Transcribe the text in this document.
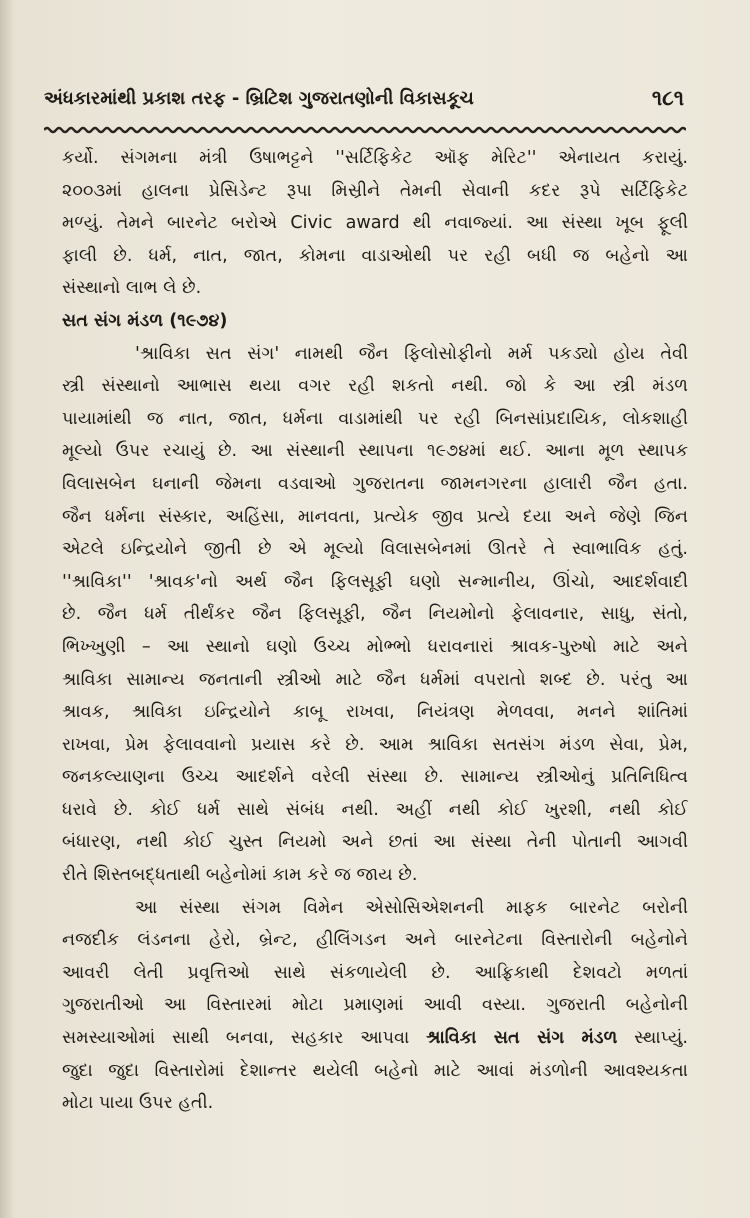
અંધકારમાંથી પ્રકાશ તરફ - બ્રિટિશ ગુજરાતણોની વિકાસકૂચ	૧૮૧
કર્યો. સંગમના મંત્રી ઉષાભટ્ટને ''સર્ટિફિકેટ ઑફ મેરિટ'' એનાયત કરાયું.
૨૦૦૩માં હાલના પ્રેસિડેન્ટ રૂપા મિસ્રીને તેમની સેવાની કદર રૂપે સર્ટિફિકેટ
મળ્યું. તેમને બારનેટ બરોએ Civic award થી નવાજ્યાં. આ સંસ્થા ખૂબ ફૂલી
ફાલી છે. ધર્મ, નાત, જાત, કોમના વાડાઓથી પર રહી બધી જ બહેનો આ
સંસ્થાનો લાભ લે છે.
સત સંગ મંડળ (૧૯૭૪)
'શ્રાવિકા સત સંગ' નામથી જૈન ફિલોસોફીનો મર્મ પકડ્યો હોય તેવી
સ્ત્રી સંસ્થાનો આભાસ થયા વગર રહી શકતો નથી. જો કે આ સ્ત્રી મંડળ
પાયામાંથી જ નાત, જાત, ધર્મના વાડામાંથી પર રહી બિનસાંપ્રદાયિક, લોકશાહી
મૂલ્યો ઉપર રચાયું છે. આ સંસ્થાની સ્થાપના ૧૯૭૪માં થઈ. આના મૂળ સ્થાપક
વિલાસબેન ઘનાની જેમના વડવાઓ ગુજરાતના જામનગરના હાલારી જૈન હતા.
જૈન ધર્મના સંસ્કાર, અહિંસા, માનવતા, પ્રત્યેક જીવ પ્રત્યે દયા અને જેણે જિન
એટલે ઇન્દ્રિયોને જીતી છે એ મૂલ્યો વિલાસબેનમાં ઊતરે તે સ્વાભાવિક હતું.
''શ્રાવિકા'' 'શ્રાવક'નો અર્થ જૈન ફિલસૂફી ઘણો સન્માનીય, ઊંચો, આદર્શવાદી
છે. જૈન ધર્મ તીર્થંકર જૈન ફિલસૂફી, જૈન નિયમોનો ફેલાવનાર, સાધુ, સંતો,
ભિખ્ખુણી – આ સ્થાનો ઘણો ઉચ્ચ મોભ્ભો ધરાવનારાં શ્રાવક-પુરુષો માટે અને
શ્રાવિકા સામાન્ય જનતાની સ્ત્રીઓ માટે જૈન ધર્મમાં વપરાતો શબ્દ છે. પરંતુ આ
શ્રાવક, શ્રાવિકા ઇન્દ્રિયોને કાબૂ રાખવા, નિયંત્રણ મેળવવા, મનને શાંતિમાં
રાખવા, પ્રેમ ફેલાવવાનો પ્રયાસ કરે છે. આમ શ્રાવિકા સતસંગ મંડળ સેવા, પ્રેમ,
જનકલ્યાણના ઉચ્ચ આદર્શને વરેલી સંસ્થા છે. સામાન્ય સ્ત્રીઓનું પ્રતિનિધિત્વ
ધરાવે છે. કોઈ ધર્મ સાથે સંબંધ નથી. અહીં નથી કોઈ ખુરશી, નથી કોઈ
બંધારણ, નથી કોઈ ચુસ્ત નિયમો અને છતાં આ સંસ્થા તેની પોતાની આગવી
રીતે શિસ્તબદ્ધતાથી બહેનોમાં કામ કરે જ જાય છે.
આ સંસ્થા સંગમ વિમેન એસોસિએશનની માફક બારનેટ બરોની
નજદીક લંડનના હેરો, બ્રેન્ટ, હીલિંગડન અને બારનેટના વિસ્તારોની બહેનોને
આવરી લેતી પ્રવૃત્તિઓ સાથે સંકળાયેલી છે. આફ્રિકાથી દેશવટો મળતાં
ગુજરાતીઓ આ વિસ્તારમાં મોટા પ્રમાણમાં આવી વસ્યા. ગુજરાતી બહેનોની
સમસ્યાઓમાં સાથી બનવા, સહકાર આપવા શ્રાવિકા સત સંગ મંડળ સ્થાપ્યું.
જુદા જુદા વિસ્તારોમાં દેશાન્તર થયેલી બહેનો માટે આવાં મંડળોની આવશ્યકતા
મોટા પાયા ઉપર હતી.
